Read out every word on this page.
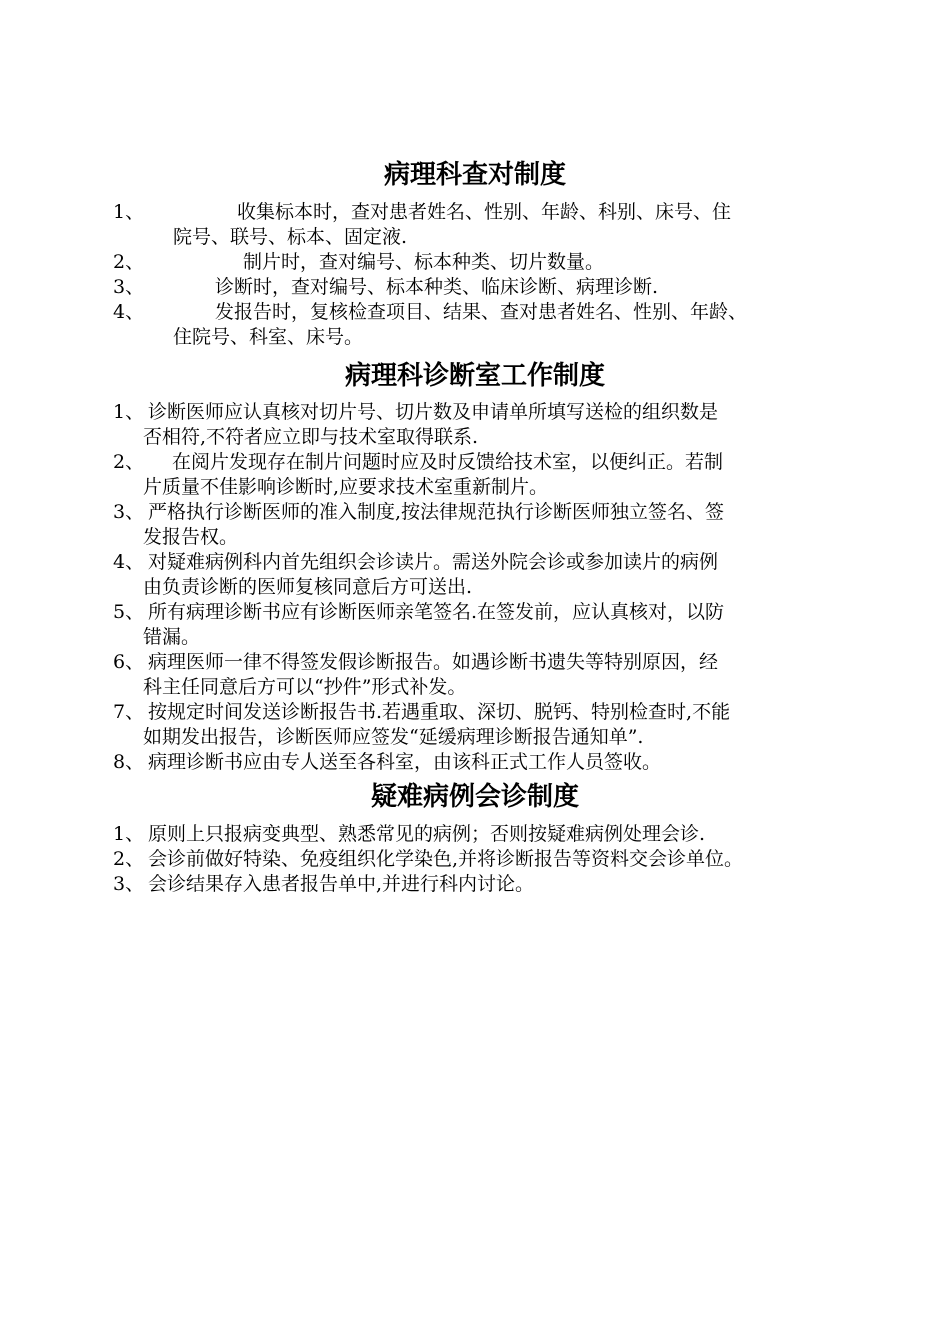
病理科查对制度
1、	收集标本时，查对患者姓名、性别、年龄、科别、床号、住
院号、联号、标本、固定液.
2、	制片时，查对编号、标本种类、切片数量。
3、	诊断时，查对编号、标本种类、临床诊断、病理诊断.
4、	发报告时，复核检查项目、结果、查对患者姓名、性别、年龄、
住院号、科室、床号。
病理科诊断室工作制度
1、 诊断医师应认真核对切片号、切片数及申请单所填写送检的组织数是
否相符,不符者应立即与技术室取得联系.
2、 在阅片发现存在制片问题时应及时反馈给技术室，以便纠正。若制
片质量不佳影响诊断时,应要求技术室重新制片。
3、 严格执行诊断医师的准入制度,按法律规范执行诊断医师独立签名、签
发报告权。
4、 对疑难病例科内首先组织会诊读片。需送外院会诊或参加读片的病例
由负责诊断的医师复核同意后方可送出.
5、 所有病理诊断书应有诊断医师亲笔签名.在签发前，应认真核对，以防
错漏。
6、 病理医师一律不得签发假诊断报告。如遇诊断书遗失等特别原因，经
科主任同意后方可以“抄件”形式补发。
7、 按规定时间发送诊断报告书.若遇重取、深切、脱钙、特别检查时,不能
如期发出报告，诊断医师应签发“延缓病理诊断报告通知单”.
8、 病理诊断书应由专人送至各科室，由该科正式工作人员签收。
疑难病例会诊制度
1、 原则上只报病变典型、熟悉常见的病例；否则按疑难病例处理会诊.
2、 会诊前做好特染、免疫组织化学染色,并将诊断报告等资料交会诊单位。
3、 会诊结果存入患者报告单中,并进行科内讨论。
